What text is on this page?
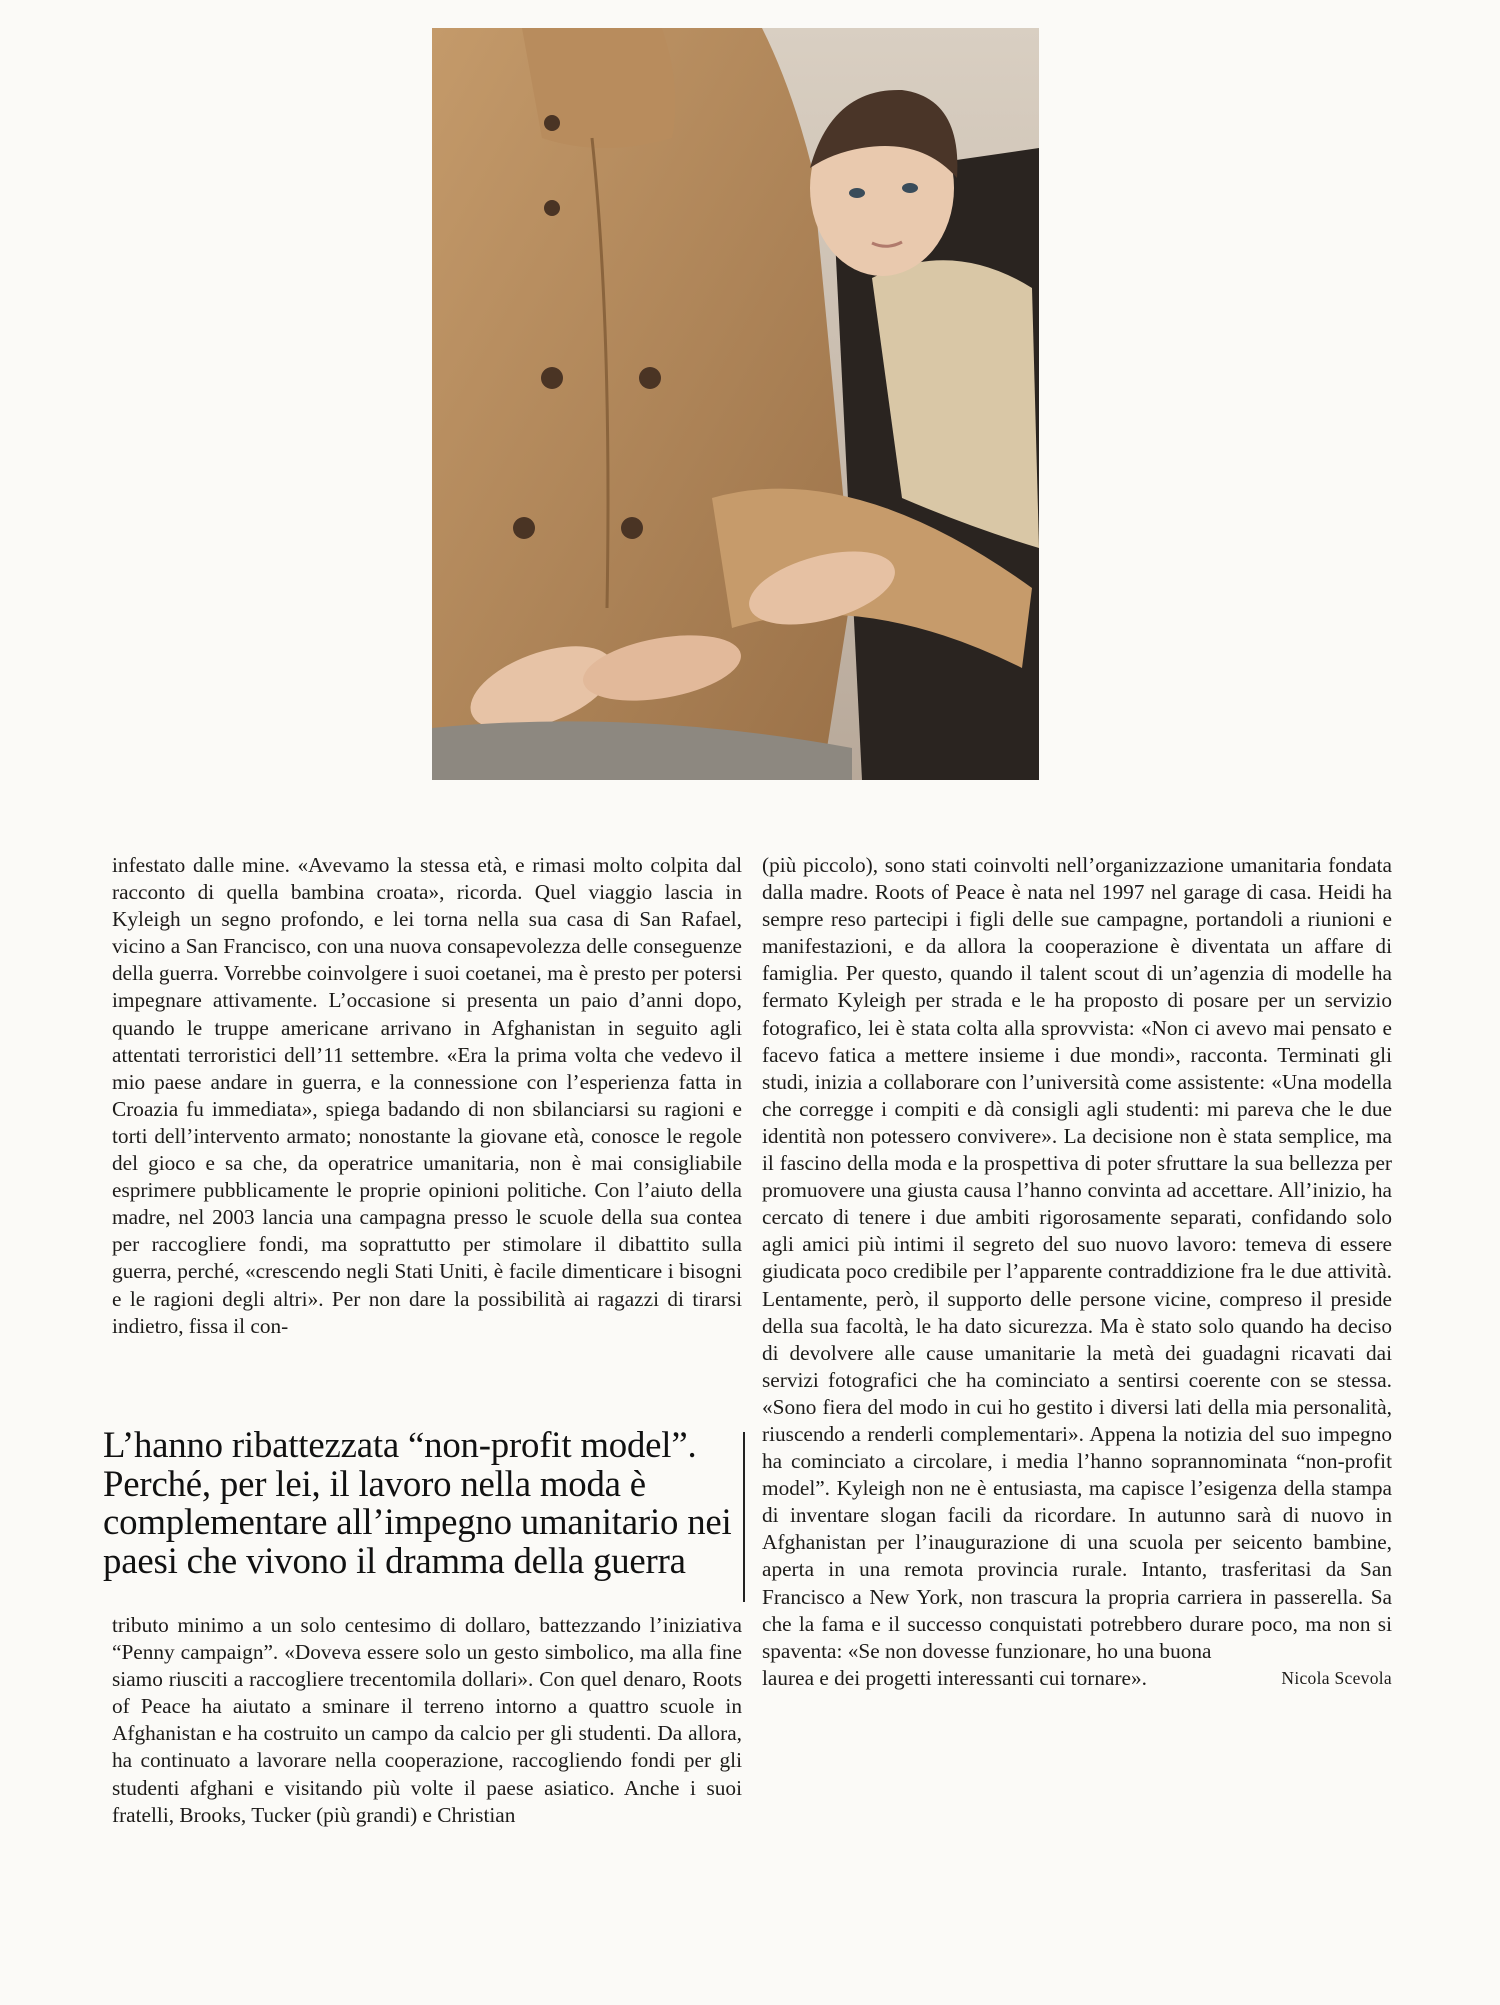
infestato dalle mine. «Avevamo la stessa età, e rimasi molto colpita dal racconto di quella bambina croata», ricorda. Quel viaggio lascia in Kyleigh un segno profondo, e lei torna nella sua casa di San Rafael, vicino a San Francisco, con una nuova consapevolezza delle conseguenze della guerra. Vorrebbe coinvolgere i suoi coetanei, ma è presto per potersi impegnare attivamente. L’occasione si presenta un paio d’anni dopo, quando le truppe americane arrivano in Afghanistan in seguito agli attentati terroristici dell’11 settembre. «Era la prima volta che vedevo il mio paese andare in guerra, e la connessione con l’esperienza fatta in Croazia fu immediata», spiega badando di non sbilanciarsi su ragioni e torti dell’intervento armato; nonostante la giovane età, conosce le regole del gioco e sa che, da operatrice umanitaria, non è mai consigliabile esprimere pubblicamente le proprie opinioni politiche. Con l’aiuto della madre, nel 2003 lancia una campagna presso le scuole della sua contea per raccogliere fondi, ma soprattutto per stimolare il dibattito sulla guerra, perché, «crescendo negli Stati Uniti, è facile dimenticare i bisogni e le ragioni degli altri». Per non dare la possibilità ai ragazzi di tirarsi indietro, fissa il con-

L’hanno ribattezzata “non-profit model”. Perché, per lei, il lavoro nella moda è complementare all’impegno umanitario nei paesi che vivono il dramma della guerra

tributo minimo a un solo centesimo di dollaro, battezzando l’iniziativa “Penny campaign”. «Doveva essere solo un gesto simbolico, ma alla fine siamo riusciti a raccogliere trecentomila dollari». Con quel denaro, Roots of Peace ha aiutato a sminare il terreno intorno a quattro scuole in Afghanistan e ha costruito un campo da calcio per gli studenti. Da allora, ha continuato a lavorare nella cooperazione, raccogliendo fondi per gli studenti afghani e visitando più volte il paese asiatico. Anche i suoi fratelli, Brooks, Tucker (più grandi) e Christian

(più piccolo), sono stati coinvolti nell’organizzazione umanitaria fondata dalla madre. Roots of Peace è nata nel 1997 nel garage di casa. Heidi ha sempre reso partecipi i figli delle sue campagne, portandoli a riunioni e manifestazioni, e da allora la cooperazione è diventata un affare di famiglia. Per questo, quando il talent scout di un’agenzia di modelle ha fermato Kyleigh per strada e le ha proposto di posare per un servizio fotografico, lei è stata colta alla sprovvista: «Non ci avevo mai pensato e facevo fatica a mettere insieme i due mondi», racconta. Terminati gli studi, inizia a collaborare con l’università come assistente: «Una modella che corregge i compiti e dà consigli agli studenti: mi pareva che le due identità non potessero convivere». La decisione non è stata semplice, ma il fascino della moda e la prospettiva di poter sfruttare la sua bellezza per promuovere una giusta causa l’hanno convinta ad accettare. All’inizio, ha cercato di tenere i due ambiti rigorosamente separati, confidando solo agli amici più intimi il segreto del suo nuovo lavoro: temeva di essere giudicata poco credibile per l’apparente contraddizione fra le due attività. Lentamente, però, il supporto delle persone vicine, compreso il preside della sua facoltà, le ha dato sicurezza. Ma è stato solo quando ha deciso di devolvere alle cause umanitarie la metà dei guadagni ricavati dai servizi fotografici che ha cominciato a sentirsi coerente con se stessa. «Sono fiera del modo in cui ho gestito i diversi lati della mia personalità, riuscendo a renderli complementari». Appena la notizia del suo impegno ha cominciato a circolare, i media l’hanno soprannominata “non-profit model”. Kyleigh non ne è entusiasta, ma capisce l’esigenza della stampa di inventare slogan facili da ricordare. In autunno sarà di nuovo in Afghanistan per l’inaugurazione di una scuola per seicento bambine, aperta in una remota provincia rurale. Intanto, trasferitasi da San Francisco a New York, non trascura la propria carriera in passerella. Sa che la fama e il successo conquistati potrebbero durare poco, ma non si spaventa: «Se non dovesse funzionare, ho una buona

laurea e dei progetti interessanti cui tornare».	Nicola Scevola
